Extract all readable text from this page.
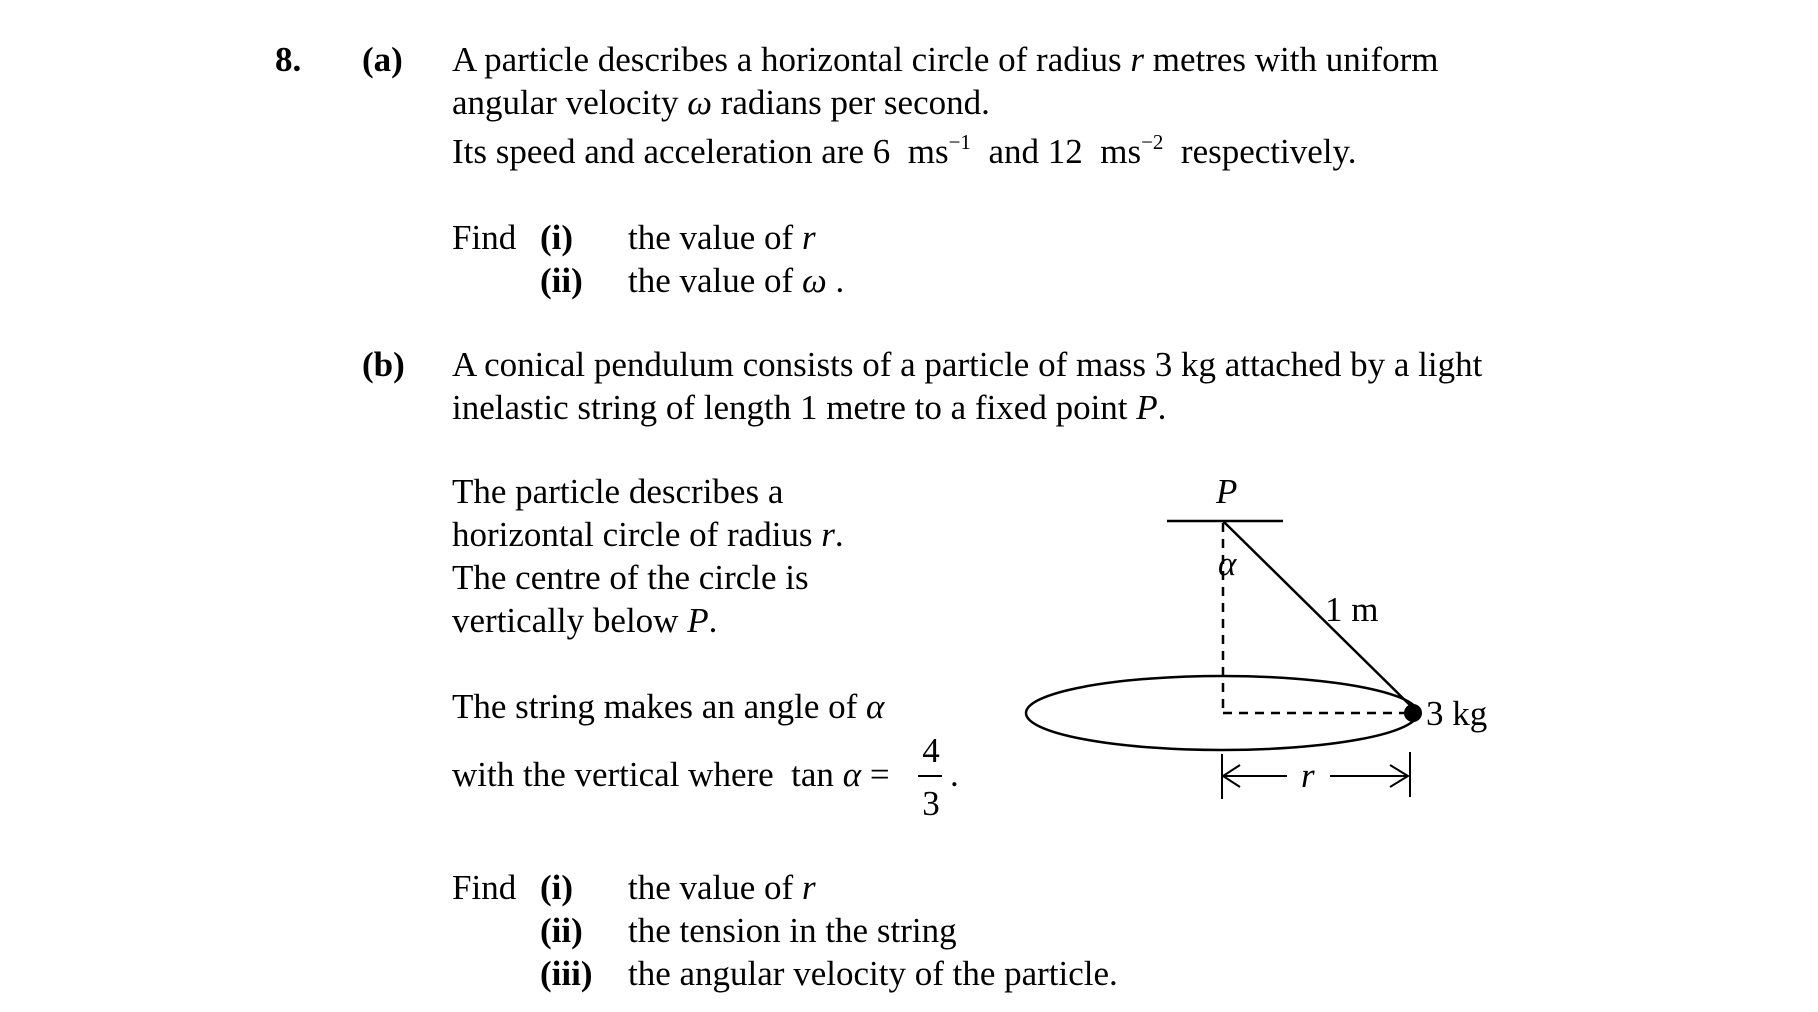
8. (a) A particle describes a horizontal circle of radius r metres with uniform
angular velocity ω radians per second.
Its speed and acceleration are 6  $ms^{-1}$  and 12  $ms^{-2}$  respectively.
Find (i) the value of r
(ii) the value of ω .
(b) A conical pendulum consists of a particle of mass 3 kg attached by a light
inelastic string of length 1 metre to a fixed point P.
The particle describes a
horizontal circle of radius r.
The centre of the circle is
vertically below P.
The string makes an angle of α
with the vertical where  tan α =
4
3
.
Find (i) the value of r
(ii) the tension in the string
(iii) the angular velocity of the particle.
P
α
1 m
3 kg
r
